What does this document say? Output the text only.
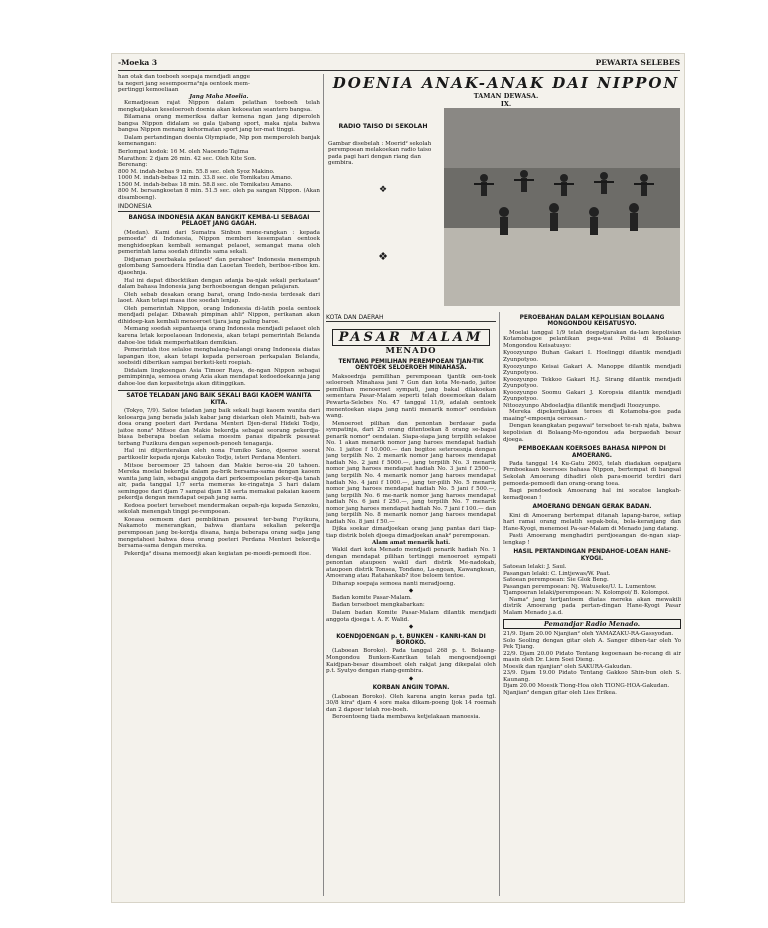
-Moeka 3	PEWARTA SELEBES
han otak dan toeboeh soepaja mendjadi angge
ta negeri jang sesempoerna²nja oentoek mem-
pertinggi kemoeliaan
Jang Maha Moelia.

Kemadjoean rajat Nippon dalam pelathan toeboeh telah mengkatjakan keseloeroeh doenia akan kekoeatan seantero bangsa.

Bilamana orang memeriksa daftar kemena ngan jang diperoleh bangsa Nippon didalam se gala tjabang sport, maka njata bahwa bangsa Nippon menang kehormatan sport jang ter-mat tinggi.

Dalam pertandingan doenia Olympiade, Nip pon memperoleh banjak kemenangan:

Berlompat kodok: 16 M. oleh Naoendo Tajima
Marathon: 2 djam 26 min. 42 sec. Oleh Kite Son.
Berenang:
800 M. indah-bebas 9 min. 55.8 sec. oleh Syoz Makino.
1000 M. indah-bebas 12 min. 33.8 sec. ole Tomikatsu Amano.
1500 M. indah-bebas 18 min. 58.8 sec. ole Tomikatsu Amano.
800 M. bersangkoetan 8 min. 51.5 sec. oleh pa sangan Nippon. (Akan disamboeng).
INDONESIA
BANGSA INDONESIA AKAN BANGKIT KEMBA-LI SEBAGAI PELAOET JANG GAGAH.

(Medan). Kami dari Sumatra Sinbun mene-rangkan : kepada pemoeda² di Indonesia, Nippon memberi kesempatan oentoek menghidoepkan kembali semangat pelaoet, semangat mana oleh pemerintah lama soedah ditindis sama sekali.

Didjaman poerbakala pelaoet² dan perahoe² Indonesia menempuh gelombang Samoedera Hindia dan Laoetan Teedeh, beriboe-riboe km. djaoehnja.

Hal ini dapat dibocktikan dengan adanja ba-njak sekali perkataan² dalam bahasa Indonesia jang berhoeboengan dengan pelajaran.

Oleh sebab desakan orang barat, orang Indo-nesia terdesak dari laoet. Akan tetapi masa itoe soedah lenjap.

Oleh pemerintah Nippon, orang Indonesia di-latih poela oentoek mendjadi pelajar. Dibawah pimpinan ahli² Nippon, perikanan akan dihidoep-kan kembali menoeroet tjara jang paling baroe.

Memang soedah sepantasnja orang Indonesia mendjadi pelaoet oleh karena letak kepoelaoean Indonesia, akan tetapi pemerintah Belanda dahoe-loe tidak memperhatikan demikian.

Pemerintah itoe selaloe menghalang-halangi orang Indonesia diatas lapangan itoe, akan tetapi kepada perseroan perkapalan Belanda, soebsidi diberikan sampai berketi-keti roepiah.

Didalam lingkoengan Asia Timoer Raya, de-ngan Nippon sebagai pemimpinnja, semoea orang Azia akan mendapat kedoedoekannja jang dahoe-loe dan kepasitetnja akan ditinggikan.

SATOE TELADAN JANG BAIK SEKALI BAGI KAOEM WANITA KITA.

(Tokyo, 7/9). Satoe teladan jang baik sekali bagi kaoem wanita dari keloearga jang berada jalah kabar jang disiarkan oleh Mainiti, bah-wa doea orang poeteri dari Perdana Menteri Djen-deral Hideki Todjo, jaitoe nona² Mitsoe dan Makie bekerdja sebagai seorang pekerdja-biasa beberapa boelan selama moesim panas dipabrik pesawat terbang Fuzikura dengan sepenoeh-penoeh tenaganja.

Hal ini ditjeriterakan oleh nona Fumiko Sano, djoeroe soerat partikoelir kepada njonja Katsuko Todjo, isteri Perdana Menteri.

Mitsoe beroemoer 25 tahoen dan Makie beroe-sia 20 tahoen. Mereka moelai bekerdja dalam pa-brik bersama-sama dengan kaoem wanita jang lain, sebagai anggota dari perkoempoelan peker-dja tanah air, pada tanggal 1/7 serta memeras ke-ringatnja 3 hari dalam seminggoe dari djam 7 sampai djam 18 serta memakai pakaian kaoem pekerdja dengan mendapat oepah jang sama.

Kedoea poeteri terseboet mendermakan oepah-nja kepada Senzoku, sekolah menengah tinggi pe-rempoean.

Koeasa oemoem dari pembikinan pesawat ter-bang Fuyikura, Nakamoto menerangkan, bahwa diantara sekalian pekerdja perempoean jang be-kerdja disana, hanja beberapa orang sadja jang mengetahoei bahwa doea orang poeteri Perdana Menteri bekerdja bersama-sama dengan mereka.

Pekerdja² disana memoedji akan kegiatan pe-moedi-pemoedi itoe.

DOENIA ANAK-ANAK DAI NIPPON
TAMAN DEWASA.
IX.
RADIO TAISO DI SEKOLAH
Gambar disebelah : Moerid² sekolah perempoean melakoekan radio taiso pada pagi hari dengan riang dan gembira.
❖
❖
KOTA DAN DAERAH
PASAR MALAM
MENADO
TENTANG PEMILIHAN PEREMPOEAN TJAN-TIK OENTOEK SELOEROEH MINAHASA.

Maksoednja pemilihan perempoean tjantik oen-toek seloeroeh Minahasa jani 7 Gun dan kota Me-nado, jaitoe pemilihan menoeroet sympati, jang bakal dilakoekan sementara Pasar-Malam seperti telah doeemoekan dalam Pewarta-Selebes No. 47 tanggal 11/9, adalah oentoek menentoekan siapa jang nanti menarik nomor² oendaian wang.

Menoeroet pilihan dan penontan berdasar pada sympatinja, dari 25 orang ditentoekan 8 orang se-bagai penarik nomor² oendaian. Siapa-siapa jang terpilih selakoe No. 1 akan menarik nomor jang haroes mendapat hadiah No. 1 jaitoe f 10.000.— dan begitoe seteroesnja dengan jang terpilih No. 2 menarik nomor jang haroes mendapat hadiah No. 2 jani f 5000.—, jang terpilih No. 3 menarik nomor jang haroes mendapat hadiah No. 3 jani f 2500—, jang terpilih No. 4 menarik nomor jang haroes mendapat hadiah No. 4 jani f 1000.—, jang ter-pilih No. 5 menarik nomor jang haroes mendapat hadiah No. 5 jani f 500.—, jang terpilih No. 6 me-narik nomor jang haroes mendapat hadiah No. 6 jani f 250.—, jang terpilih No. 7 menarik nomor jang haroes mendapat hadiah No. 7 jani f 100.— dan jang terpilih No. 8 menarik nomor jang haroes mendapat hadiah No. 8 jani f 50.—

Djika soekar dimadjoekan orang jang pantas dari tiap-tiap distrik boleh djoega dimadjoekan anak² perempoean.

Alam amat menarik hati.

Wakil dari kota Menado mendjadi penarik hadiah No. 1 dengan mendapat pilihan tertinggi menoeroet sympati penontan ataupoen wakil dari distrik Me-nadokab, ataupoen distrik Tonsea, Tondano, La-ngoan, Kawangkoan, Amoerang atau Ratahankab? itoe beloem tentoe.

Diharap soepaja semoea nanti meradjoeng.

◆

Badan komite Pasar-Malam.

Badan terseboet mengkabarkan:

Dalam badan Komite Pasar-Malam dilantik mendjadi anggota djoega t. A. F. Walid.

◆
KOENDJOENGAN p. t. BUNKEN - KANRI-KAN DI BOROKO.

(Laboean Boroko). Pada tanggal 268 p. t. Bolaang-Mongondou Bunken-Kanrikan telah mengoendjoengi Kaidjpan-besar disamboet oleh rakjat jang dikepalai oleh p.t. Syutyo dengan riang-gembira.

◆
KORBAN ANGIN TOPAN.

(Laboean Boroko). Oleh karena angin keras pada tgl. 30/8 kira² djam 4 sore maka dikam-poeng Ijok 14 roemah dan 2 dapoer telah roe-boeh.

Beroentoeng tiada membawa ketjelakaan manoesia.

PEROEBAHAN DALAM KEPOLISIAN BOLAANG MONGONDOU KEISATUSYO.

Moelai tanggal 1/9 telah doepatjarakan da-lam kepolisian Kotamobagoe pelantikan pega-wai Polisi di Bolaang-Mongondou Keisatusyo:

Kyoozyunpo Buhan Gakari I. Hoelinggi dilantik mendjadi Zyunpotyoo.
Kyoozyunpo Keisai Gakari A. Manoppe dilantik mendjadi Zyunpotyoo.
Kyoozyunpo Tekkoo Gakari H.J. Sirang dilantik mendjadi Zyunpotyoo.
Kyoozyunpo Soomu Gakari J. Koropsia dilantik mendjadi Zyunpotyoo.
Nitoozyunpo Abdoeladjia dilantik mendjadi Itoozyunpo.

Mereka dipekerdjakan teroes di Kotamoba-goe pada maaing²-empoenja oeroesan.-

Dengan keangkatan pegawai² terseboet te-rah njata, bahwa kepolisian di Bolaang-Mo-ngondou ada berpaedah besar djoega.

PEMBOEKAAN KOERSOES BAHASA NIPPON DI AMOERANG.

Pada tanggal 14 Ku-Gatu 2603, telah diadakan oepatjara Pemboekaan koersoes bahasa Nippon, bertempat di bangsal Sekolah Amoerang dihadiri oleh para-moerid terdiri dari pemoeda-pemoedi dan orang-orang toea.

Bagi pendoedoek Amoerang hal ini socatoe langkah-kemadjoean !

AMOERANG DENGAN GERAK BADAN.

Kini di Amoerang bertempat ditanah lapang-baroe, setiap hari ramai orang melatih sepak-bola, bola-keranjang dan Hane-Kyogi, menemoei Pa-sar-Malam di Menado jang datang.

Pasti Amoerang menghadiri perdjoeangan de-ngan siap-lengkap !

HASIL PERTANDINGAN PENDAHOE-LOEAN HANE-KYOGI.
Satoean lelaki: J. Saul.
Pasangan lelaki: C. Lintjewas/W. Paat.
Satoean perempoean: Sie Glok Beng.
Pasangan perempoean: Nj. Watuseke/U. L. Lumentow.
Tjampoeran lelaki/perempoean: N. Kolompoi/ B. Kolompoi.

Nama² jang tertjantoem diatas mereka akan mewakili distrik Amoerang pada pertan-dingan Hane-Kyogi Pasar Malam Menado j.a.d.

Pemandjar Radio Menado.
21/9. Djam 20.00 Njanjian² oleh YAMAZAKU-RA-Gassyodan.
Solo Seoling dengan gitar oleh A. Sanger diben-tar oleh Yo Pek Tjiang.
22/9. Djam 20.00 Pidato Tentang kegoenaan be-recang di air masin oleh Dr. Liem Soei Dieng.
Moesik dan njanjian² oleh SAKURA-Gakudan.
23/9. Djam 19.00 Pidato Tentang Gakkoo Shin-bun oleh S. Kaunang.
Djam 20.00 Moesik Tiong-Hoa oleh TIONG-HOA-Gakudan.
Njanjian² dengan gitar oleh Lies Erikea.
